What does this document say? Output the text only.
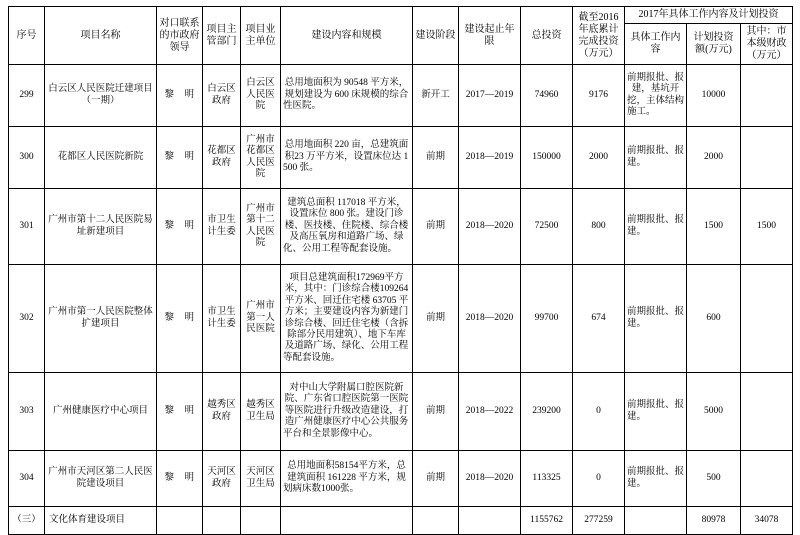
序号	项目名称	对口联系的市政府领导	项目主管部门	项目业主单位	建设内容和规模	建设阶段	建设起止年限	总投资	截至2016年底累计完成投资（万元）	2017年具体工作内容及计划投资		
										具体工作内容	计划投资额(万元)	其中：市本级财政（万元）
299	白云区人民医院迁建项目（一期）	黎　明	白云区政府	白云区人民医院	总用地面积为 90548 平方米，规划建设为 600 床规模的综合性医院。	新开工	2017—2019	74960	9176	前期报批、报建，基坑开挖，主体结构施工。	10000	
300	花都区人民医院新院	黎　明	花都区政府	广州市花都区人民医院	总用地面积 220 亩，总建筑面积23 万平方米，设置床位达 1500 张。	前期	2018—2019	150000	2000	前期报批、报建。	2000	
301	广州市第十二人民医院易址新建项目	黎　明	市卫生计生委	广州市第十二人民医院	建筑总面积 117018 平方米，设置床位 800 张。建设门诊楼、医技楼、住院楼、综合楼及高压氧房和道路广场、绿化、公用工程等配套设施。	前期	2018—2020	72500	800	前期报批、报建。	1500	1500
302	广州市第一人民医院整体扩建项目	黎　明	市卫生计生委	广州市第一人民医院	项目总建筑面积172969平方米，其中：门诊综合楼109264 平方米、回迁住宅楼 63705 平方米；主要建设内容为新建门诊综合楼、回迁住宅楼（含拆除部分民用建筑）、地下车库及道路广场、绿化、公用工程等配套设施。	前期	2018—2020	99700	674	前期报批、报建。	600	
303	广州健康医疗中心项目	黎　明	越秀区政府	越秀区卫生局	对中山大学附属口腔医院新院、广东省口腔医院第一医院等医院进行升级改造建设，打造广州健康医疗中心公共服务平台和全景影像中心。	前期	2018—2022	239200	0	前期报批、报建。	5000	
304	广州市天河区第二人民医院建设项目	黎　明	天河区政府	天河区卫生局	总用地面积58154平方米，总建筑面积 161228 平方米，规划病床数1000张。	前期	2018—2020	113325	0	前期报批、报建。	500	
（三）	文化体育建设项目							1155762	277259		80978	34078
